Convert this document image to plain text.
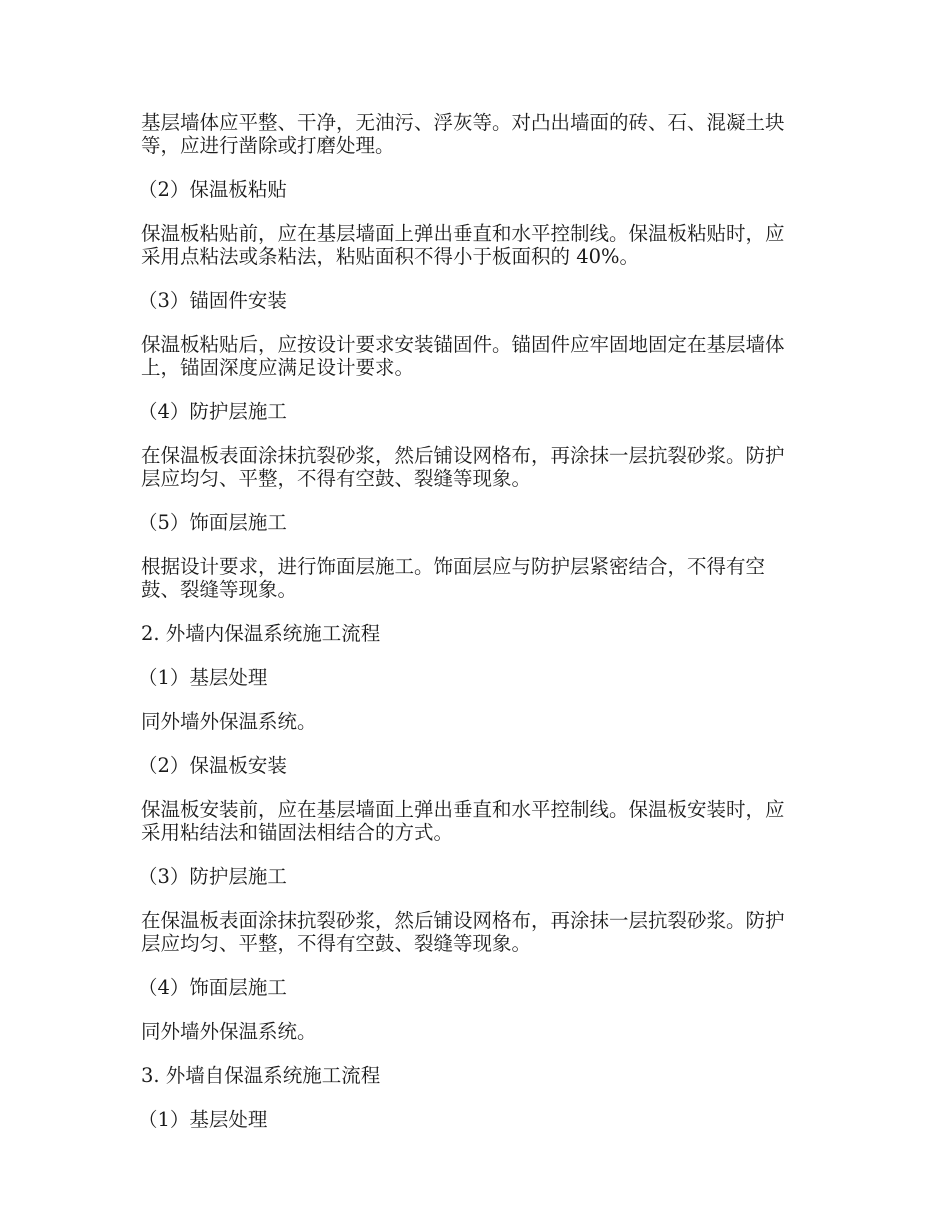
基层墙体应平整、干净，无油污、浮灰等。对凸出墙面的砖、石、混凝土块等，应进行凿除或打磨处理。

（2）保温板粘贴

保温板粘贴前，应在基层墙面上弹出垂直和水平控制线。保温板粘贴时，应采用点粘法或条粘法，粘贴面积不得小于板面积的 40%。

（3）锚固件安装

保温板粘贴后，应按设计要求安装锚固件。锚固件应牢固地固定在基层墙体上，锚固深度应满足设计要求。

（4）防护层施工

在保温板表面涂抹抗裂砂浆，然后铺设网格布，再涂抹一层抗裂砂浆。防护层应均匀、平整，不得有空鼓、裂缝等现象。

（5）饰面层施工

根据设计要求，进行饰面层施工。饰面层应与防护层紧密结合，不得有空鼓、裂缝等现象。

2. 外墙内保温系统施工流程

（1）基层处理

同外墙外保温系统。

（2）保温板安装

保温板安装前，应在基层墙面上弹出垂直和水平控制线。保温板安装时，应采用粘结法和锚固法相结合的方式。

（3）防护层施工

在保温板表面涂抹抗裂砂浆，然后铺设网格布，再涂抹一层抗裂砂浆。防护层应均匀、平整，不得有空鼓、裂缝等现象。

（4）饰面层施工

同外墙外保温系统。

3. 外墙自保温系统施工流程

（1）基层处理
